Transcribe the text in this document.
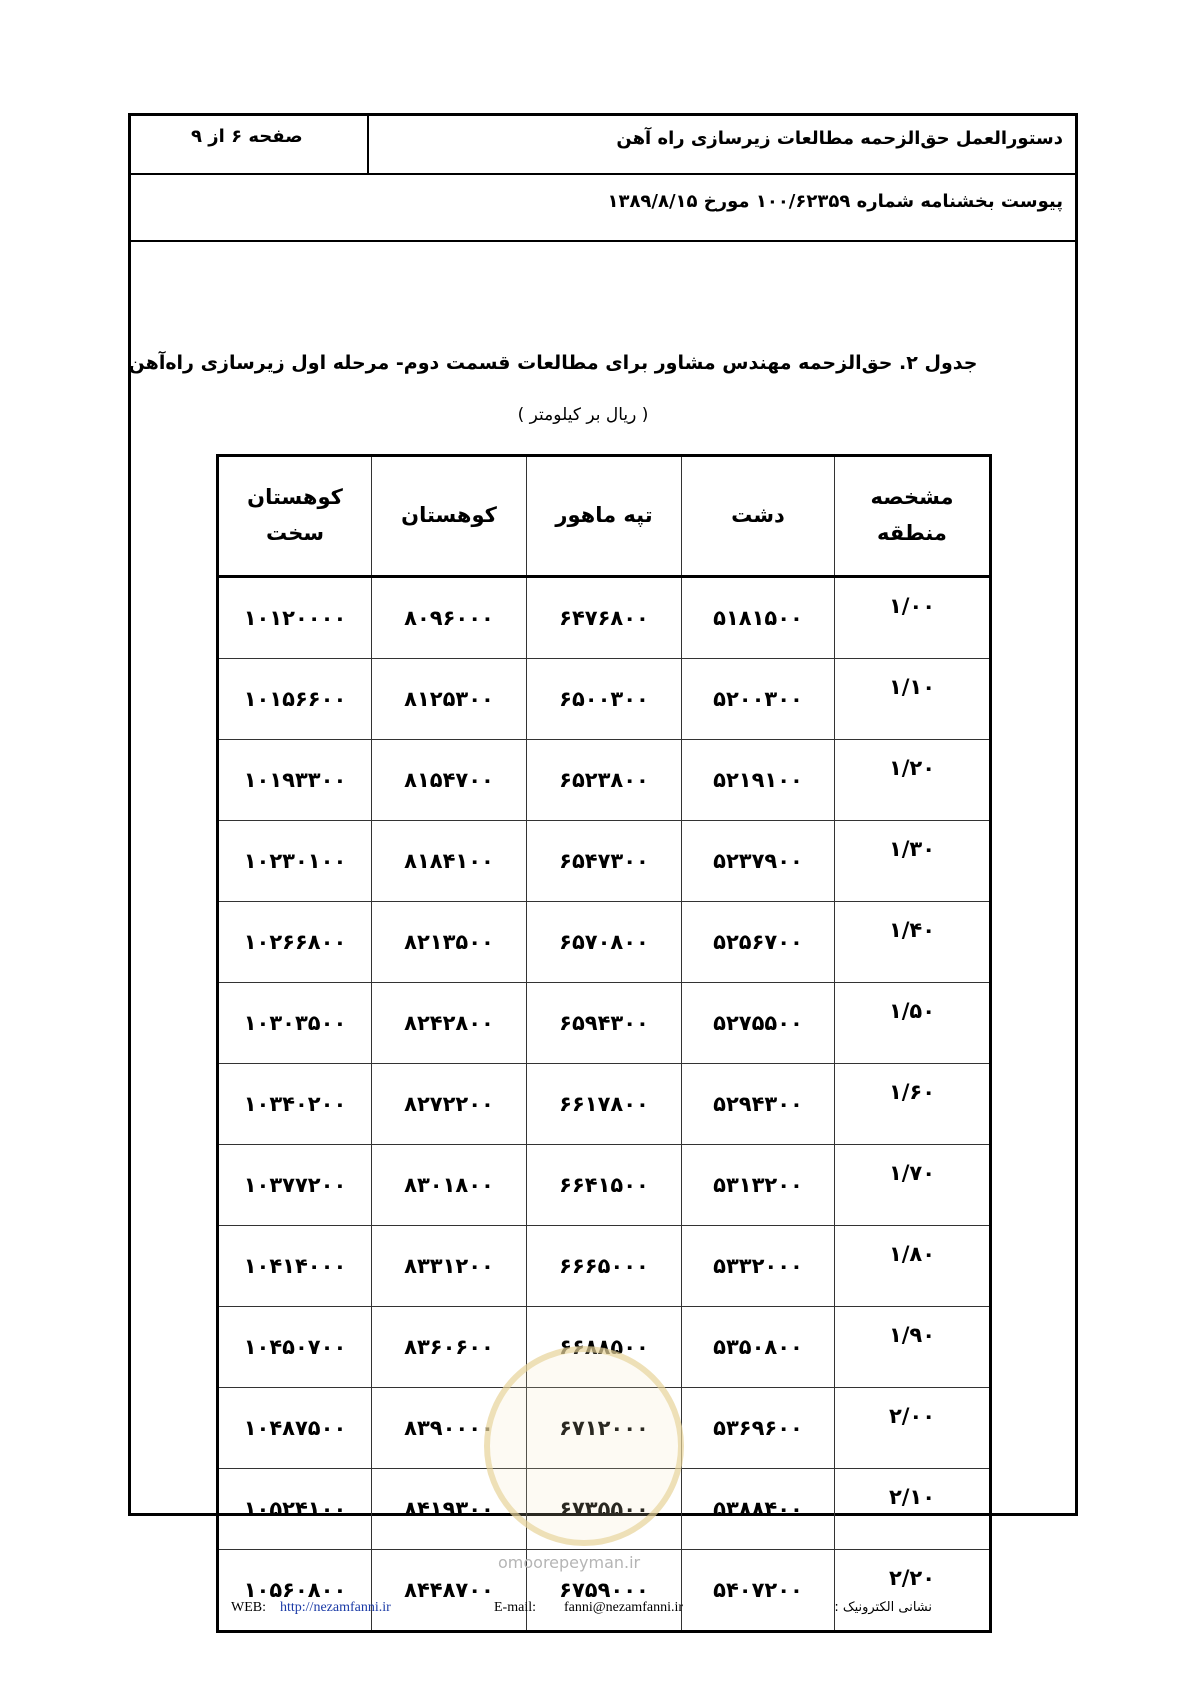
دستورالعمل حق‌الزحمه مطالعات زیرسازی راه آهن
صفحه ۶ از ۹
پیوست بخشنامه شماره ۱۰۰/۶۲۳۵۹ مورخ ۱۳۸۹/۸/۱۵
جدول ۲. حق‌الزحمه مهندس مشاور برای مطالعات قسمت دوم- مرحله اول زیرسازی راه‌آهن
( ریال بر کیلومتر )
مشخصه منطقه	دشت	تپه ماهور	کوهستان	کوهستان سخت
۱/۰۰	۵۱۸۱۵۰۰	۶۴۷۶۸۰۰	۸۰۹۶۰۰۰	۱۰۱۲۰۰۰۰
۱/۱۰	۵۲۰۰۳۰۰	۶۵۰۰۳۰۰	۸۱۲۵۳۰۰	۱۰۱۵۶۶۰۰
۱/۲۰	۵۲۱۹۱۰۰	۶۵۲۳۸۰۰	۸۱۵۴۷۰۰	۱۰۱۹۳۳۰۰
۱/۳۰	۵۲۳۷۹۰۰	۶۵۴۷۳۰۰	۸۱۸۴۱۰۰	۱۰۲۳۰۱۰۰
۱/۴۰	۵۲۵۶۷۰۰	۶۵۷۰۸۰۰	۸۲۱۳۵۰۰	۱۰۲۶۶۸۰۰
۱/۵۰	۵۲۷۵۵۰۰	۶۵۹۴۳۰۰	۸۲۴۲۸۰۰	۱۰۳۰۳۵۰۰
۱/۶۰	۵۲۹۴۳۰۰	۶۶۱۷۸۰۰	۸۲۷۲۲۰۰	۱۰۳۴۰۲۰۰
۱/۷۰	۵۳۱۳۲۰۰	۶۶۴۱۵۰۰	۸۳۰۱۸۰۰	۱۰۳۷۷۲۰۰
۱/۸۰	۵۳۳۲۰۰۰	۶۶۶۵۰۰۰	۸۳۳۱۲۰۰	۱۰۴۱۴۰۰۰
۱/۹۰	۵۳۵۰۸۰۰	۶۶۸۸۵۰۰	۸۳۶۰۶۰۰	۱۰۴۵۰۷۰۰
۲/۰۰	۵۳۶۹۶۰۰	۶۷۱۲۰۰۰	۸۳۹۰۰۰۰	۱۰۴۸۷۵۰۰
۲/۱۰	۵۳۸۸۴۰۰	۶۷۳۵۵۰۰	۸۴۱۹۳۰۰	۱۰۵۲۴۱۰۰
۲/۲۰	۵۴۰۷۲۰۰	۶۷۵۹۰۰۰	۸۴۴۸۷۰۰	۱۰۵۶۰۸۰۰
omoorepeyman.ir
WEB: http://nezamfanni.ir	E-mail: fanni@nezamfanni.ir	نشانی الکترونیک :
